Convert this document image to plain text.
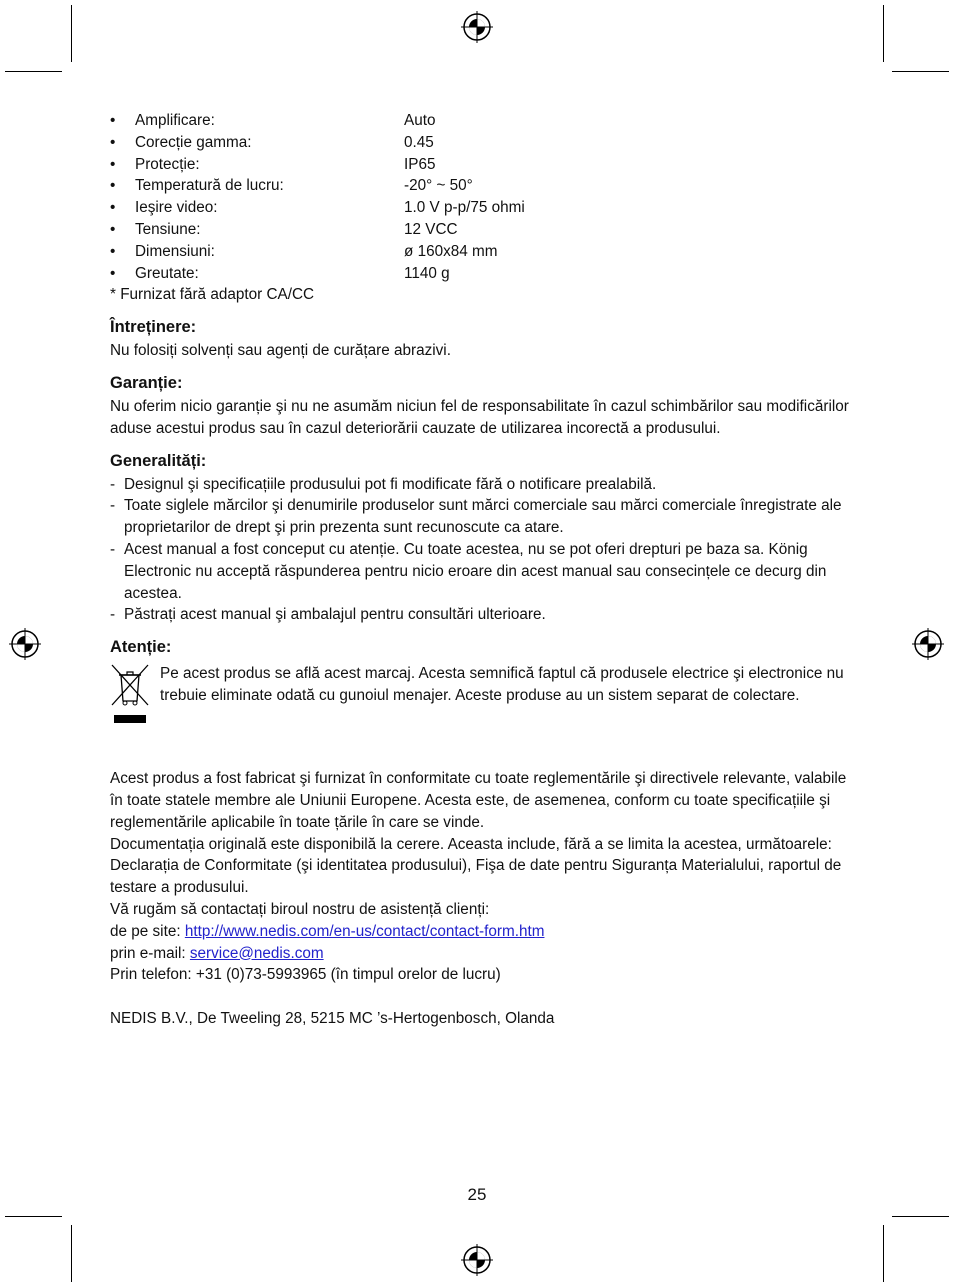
•	Amplificare:	Auto
•	Corecție gamma:	0.45
•	Protecție:	IP65
•	Temperatură de lucru:	-20° ~ 50°
•	Ieşire video:	1.0 V p-p/75 ohmi
•	Tensiune:	12 VCC
•	Dimensiuni:	ø 160x84 mm
•	Greutate:	1140 g

* Furnizat fără adaptor CA/CC

Întreținere:

Nu folosiți solvenți sau agenți de curățare abrazivi.

Garanție:

Nu oferim nicio garanție şi nu ne asumăm niciun fel de responsabilitate în cazul schimbărilor sau modificărilor aduse acestui produs sau în cazul deteriorării cauzate de utilizarea incorectă a produsului.

Generalități:
- Designul şi specificațiile produsului pot fi modificate fără o notificare prealabilă.
- Toate siglele mărcilor şi denumirile produselor sunt mărci comerciale sau mărci comerciale înregistrate ale proprietarilor de drept şi prin prezenta sunt recunoscute ca atare.
- Acest manual a fost conceput cu atenție. Cu toate acestea, nu se pot oferi drepturi pe baza sa. König Electronic nu acceptă răspunderea pentru nicio eroare din acest manual sau consecințele ce decurg din acestea.
- Păstrați acest manual şi ambalajul pentru consultări ulterioare.
Atenție:

Pe acest produs se află acest marcaj. Acesta semnifică faptul că produsele electrice şi electronice nu trebuie eliminate odată cu gunoiul menajer. Aceste produse au un sistem separat de colectare.

Acest produs a fost fabricat şi furnizat în conformitate cu toate reglementările şi directivele relevante, valabile în toate statele membre ale Uniunii Europene. Acesta este, de asemenea, conform cu toate specificațiile şi reglementările aplicabile în toate țările în care se vinde.

Documentația originală este disponibilă la cerere. Aceasta include, fără a se limita la acestea, următoarele: Declarația de Conformitate (şi identitatea produsului), Fişa de date pentru Siguranța Materialului, raportul de testare a produsului.

Vă rugăm să contactați biroul nostru de asistență clienți:

de pe site: http://www.nedis.com/en-us/contact/contact-form.htm

prin e-mail: service@nedis.com

Prin telefon: +31 (0)73-5993965 (în timpul orelor de lucru)

NEDIS B.V., De Tweeling 28, 5215 MC ’s-Hertogenbosch, Olanda

25
